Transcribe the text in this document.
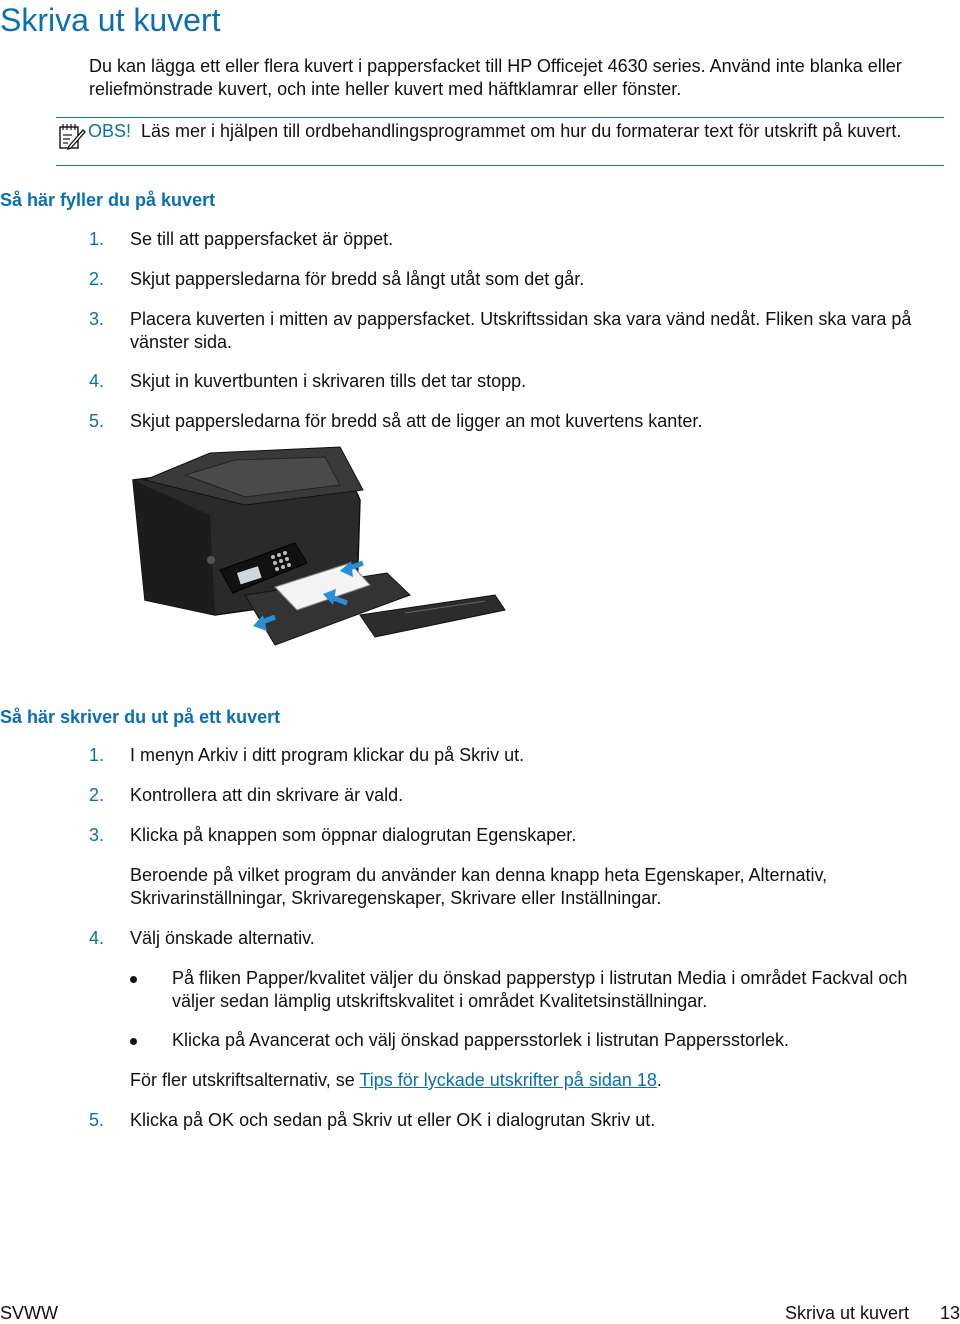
Skriva ut kuvert

Du kan lägga ett eller flera kuvert i pappersfacket till HP Officejet 4630 series. Använd inte blanka eller reliefmönstrade kuvert, och inte heller kuvert med häftklamrar eller fönster.

OBS! Läs mer i hjälpen till ordbehandlingsprogrammet om hur du formaterar text för utskrift på kuvert.
Så här fyller du på kuvert
1. Se till att pappersfacket är öppet.
2. Skjut pappersledarna för bredd så långt utåt som det går.
3. Placera kuverten i mitten av pappersfacket. Utskriftssidan ska vara vänd nedåt. Fliken ska vara på vänster sida.
4. Skjut in kuvertbunten i skrivaren tills det tar stopp.
5. Skjut pappersledarna för bredd så att de ligger an mot kuvertens kanter.
Så här skriver du ut på ett kuvert
1. I menyn Arkiv i ditt program klickar du på Skriv ut.
2. Kontrollera att din skrivare är vald.
3. Klicka på knappen som öppnar dialogrutan Egenskaper.
Beroende på vilket program du använder kan denna knapp heta Egenskaper, Alternativ, Skrivarinställningar, Skrivaregenskaper, Skrivare eller Inställningar.
4. Välj önskade alternativ.
På fliken Papper/kvalitet väljer du önskad papperstyp i listrutan Media i området Fackval och väljer sedan lämplig utskriftskvalitet i området Kvalitetsinställningar.
Klicka på Avancerat och välj önskad pappersstorlek i listrutan Pappersstorlek.
För fler utskriftsalternativ, se Tips för lyckade utskrifter på sidan 18.
5. Klicka på OK och sedan på Skriv ut eller OK i dialogrutan Skriv ut.
SVWW	Skriva ut kuvert 13
